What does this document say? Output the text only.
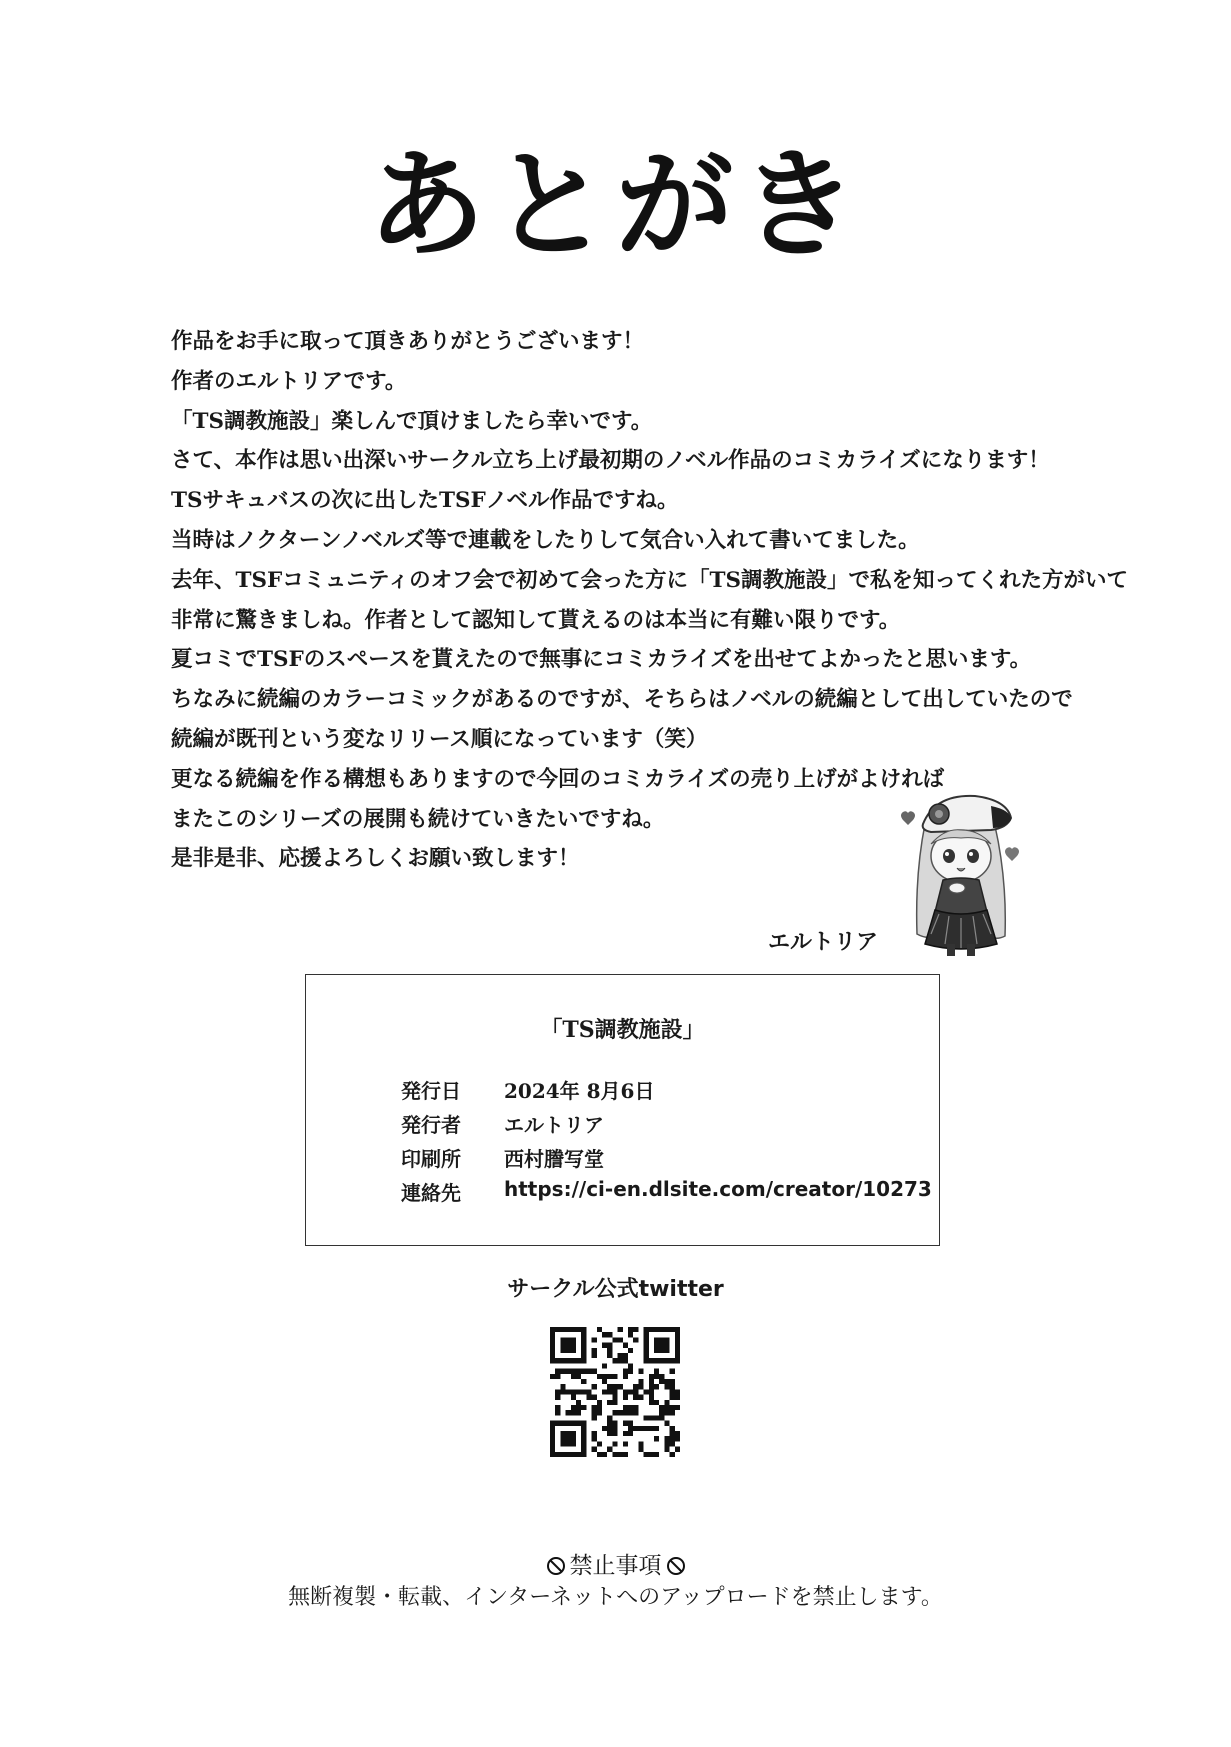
あとがき
作品をお手に取って頂きありがとうございます！
作者のエルトリアです。
「TS調教施設」楽しんで頂けましたら幸いです。
さて、本作は思い出深いサークル立ち上げ最初期のノベル作品のコミカライズになります！
TSサキュバスの次に出したTSFノベル作品ですね。
当時はノクターンノベルズ等で連載をしたりして気合い入れて書いてました。
去年、TSFコミュニティのオフ会で初めて会った方に「TS調教施設」で私を知ってくれた方がいて
非常に驚きましね。作者として認知して貰えるのは本当に有難い限りです。
夏コミでTSFのスペースを貰えたので無事にコミカライズを出せてよかったと思います。
ちなみに続編のカラーコミックがあるのですが、そちらはノベルの続編として出していたので
続編が既刊という変なリリース順になっています（笑）
更なる続編を作る構想もありますので今回のコミカライズの売り上げがよければ
またこのシリーズの展開も続けていきたいですね。
是非是非、応援よろしくお願い致します！
エルトリア
「TS調教施設」
発行日	2024年 8月6日
発行者	エルトリア
印刷所	西村謄写堂
連絡先	https://ci-en.dlsite.com/creator/10273
サークル公式twitter
禁止事項
無断複製・転載、インターネットへのアップロードを禁止します。
